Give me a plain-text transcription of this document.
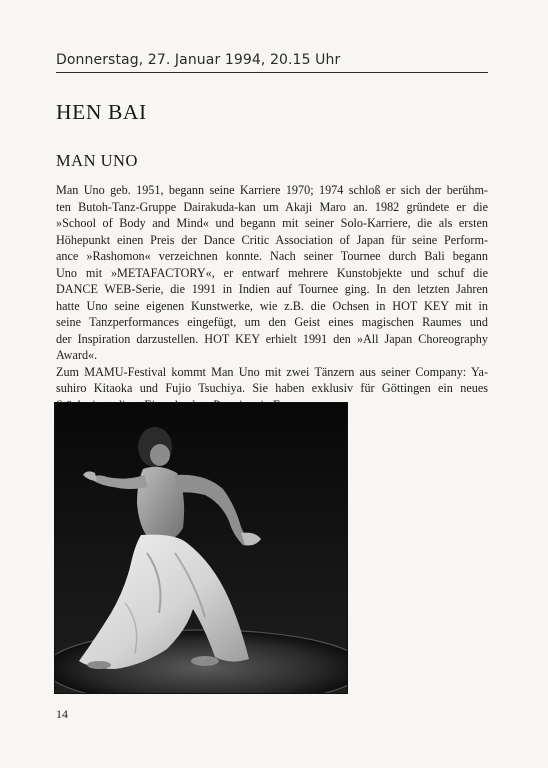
Donnerstag, 27. Januar 1994, 20.15 Uhr
HEN BAI
MAN UNO
Man Uno geb. 1951, begann seine Karriere 1970; 1974 schloß er sich der berühm-
ten Butoh-Tanz-Gruppe Dairakuda-kan um Akaji Maro an. 1982 gründete er die
»School of Body and Mind« und begann mit seiner Solo-Karriere, die als ersten
Höhepunkt einen Preis der Dance Critic Association of Japan für seine Perform-
ance »Rashomon« verzeichnen konnte. Nach seiner Tournee durch Bali begann
Uno mit »METAFACTORY«, er entwarf mehrere Kunstobjekte und schuf die
DANCE WEB-Serie, die 1991 in Indien auf Tournee ging. In den letzten Jahren
hatte Uno seine eigenen Kunstwerke, wie z.B. die Ochsen in HOT KEY mit in
seine Tanzperformances eingefügt, um den Geist eines magischen Raumes und
der Inspiration darzustellen. HOT KEY erhielt 1991 den »All Japan Choreography
Award«.
Zum MAMU-Festival kommt Man Uno mit zwei Tänzern aus seiner Company: Ya-
suhiro Kitaoka und Fujio Tsuchiya. Sie haben exklusiv für Göttingen ein neues
14
